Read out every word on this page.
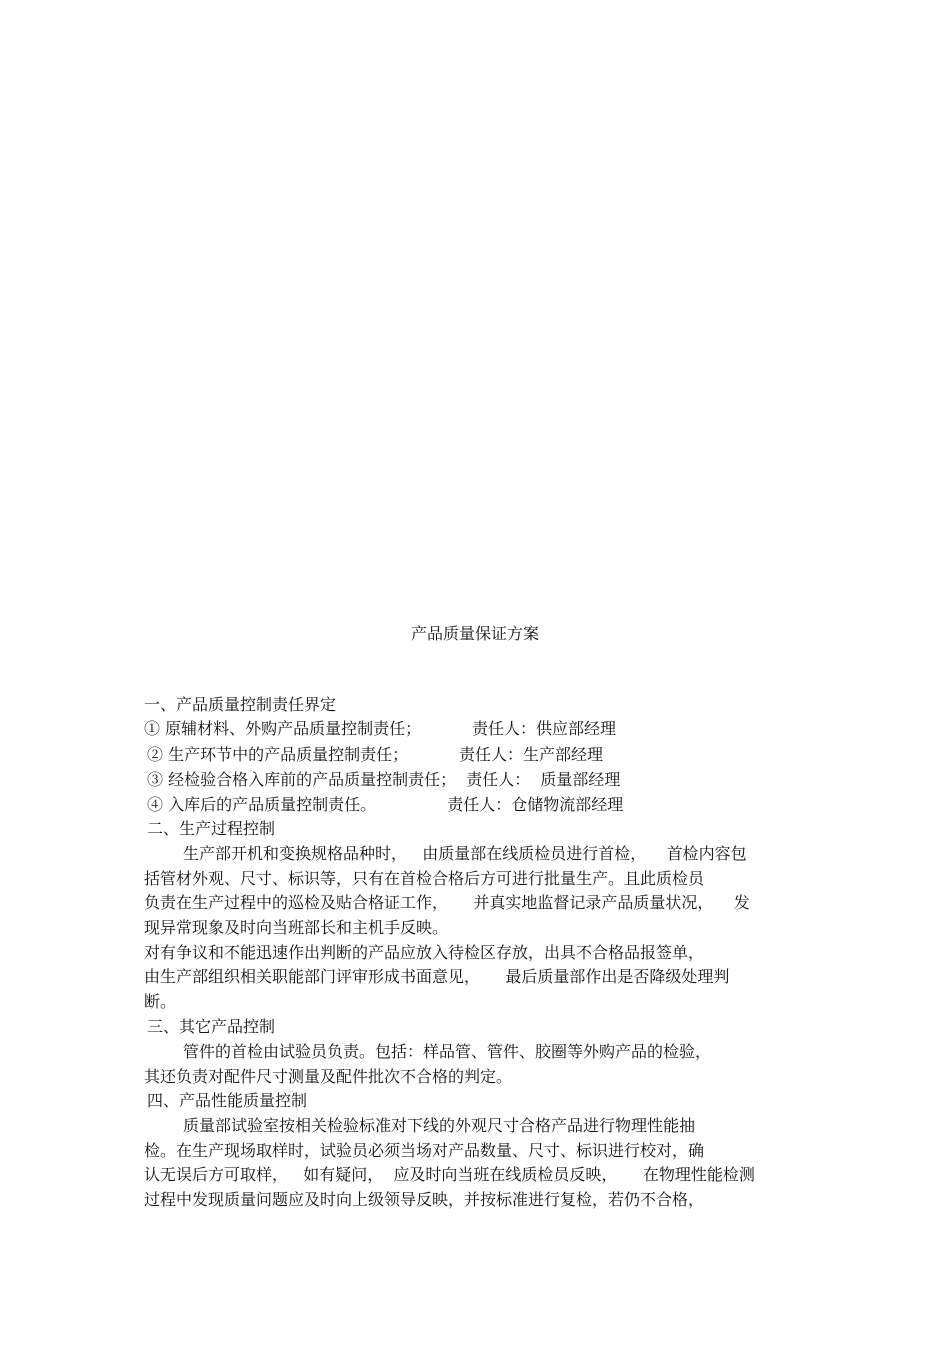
产品质量保证方案

一、产品质量控制责任界定

① 原辅材料、外购产品质量控制责任；          责任人：供应部经理

② 生产环节中的产品质量控制责任；          责任人：生产部经理

③ 经检验合格入库前的产品质量控制责任；  责任人：  质量部经理

④ 入库后的产品质量控制责任。              责任人：仓储物流部经理

二、生产过程控制

生产部开机和变换规格品种时，   由质量部在线质检员进行首检，    首检内容包

括管材外观、尺寸、标识等，只有在首检合格后方可进行批量生产。且此质检员

负责在生产过程中的巡检及贴合格证工作，     并真实地监督记录产品质量状况，    发

现异常现象及时向当班部长和主机手反映。

对有争议和不能迅速作出判断的产品应放入待检区存放，出具不合格品报签单，

由生产部组织相关职能部门评审形成书面意见，     最后质量部作出是否降级处理判

断。

三、其它产品控制

管件的首检由试验员负责。包括：样品管、管件、胶圈等外购产品的检验，

其还负责对配件尺寸测量及配件批次不合格的判定。

四、产品性能质量控制

质量部试验室按相关检验标准对下线的外观尺寸合格产品进行物理性能抽

检。在生产现场取样时，试验员必须当场对产品数量、尺寸、标识进行校对，确

认无误后方可取样，   如有疑问，  应及时向当班在线质检员反映，     在物理性能检测

过程中发现质量问题应及时向上级领导反映，并按标准进行复检，若仍不合格，
